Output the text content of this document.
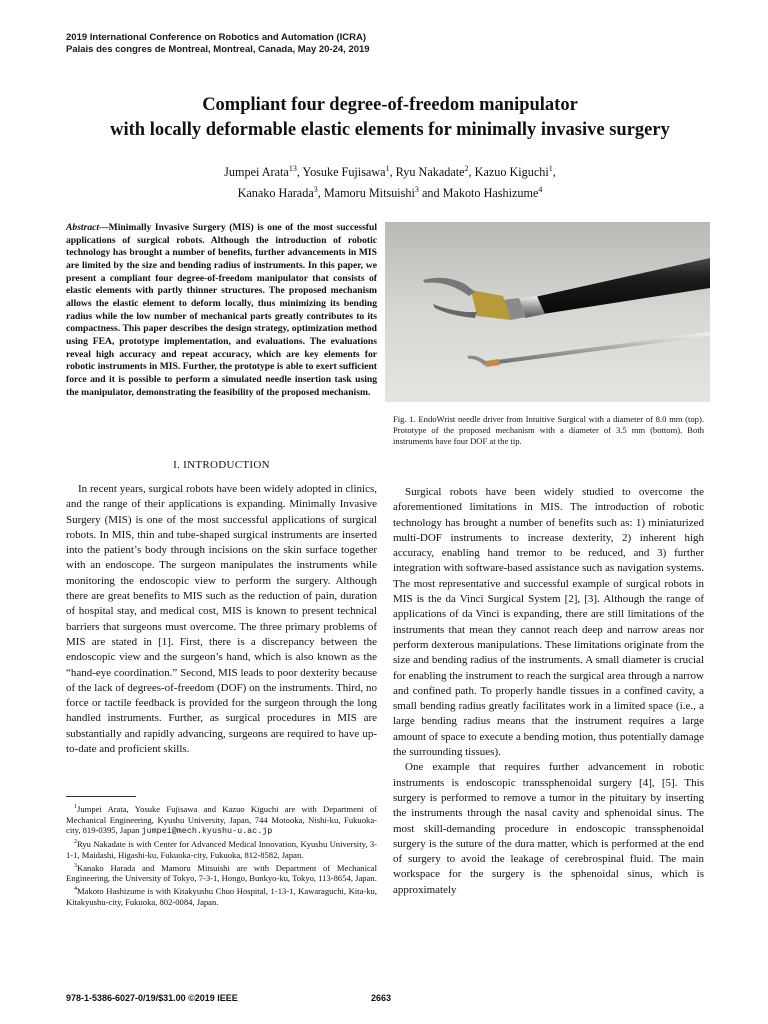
2019 International Conference on Robotics and Automation (ICRA)
Palais des congres de Montreal, Montreal, Canada, May 20-24, 2019
Compliant four degree-of-freedom manipulator
with locally deformable elastic elements for minimally invasive surgery
Jumpei Arata$^{13}$, Yosuke Fujisawa$^1$, Ryu Nakadate$^2$, Kazuo Kiguchi$^1$,
Kanako Harada$^3$, Mamoru Mitsuishi$^3$ and Makoto Hashizume$^4$
Abstract—Minimally Invasive Surgery (MIS) is one of the most successful applications of surgical robots. Although the introduction of robotic technology has brought a number of benefits, further advancements in MIS are limited by the size and bending radius of instruments. In this paper, we present a compliant four degree-of-freedom manipulator that consists of elastic elements with partly thinner structures. The proposed mechanism allows the elastic element to deform locally, thus minimizing its bending radius while the low number of mechanical parts greatly contributes to its compactness. This paper describes the design strategy, optimization method using FEA, prototype implementation, and evaluations. The evaluations reveal high accuracy and repeat accuracy, which are key elements for robotic instruments in MIS. Further, the prototype is able to exert sufficient force and it is possible to perform a simulated needle insertion task using the manipulator, demonstrating the feasibility of the proposed mechanism.
I. INTRODUCTION

In recent years, surgical robots have been widely adopted in clinics, and the range of their applications is expanding. Minimally Invasive Surgery (MIS) is one of the most successful applications of surgical robots. In MIS, thin and tube-shaped surgical instruments are inserted into the patient’s body through incisions on the skin surface together with an endoscope. The surgeon manipulates the instruments while monitoring the endoscopic view to perform the surgery. Although there are great benefits to MIS such as the reduction of pain, duration of hospital stay, and medical cost, MIS is known to present technical barriers that surgeons must overcome. The three primary problems of MIS are stated in [1]. First, there is a discrepancy between the endoscopic view and the surgeon’s hand, which is also known as the “hand-eye coordination.” Second, MIS leads to poor dexterity because of the lack of degrees-of-freedom (DOF) on the instruments. Third, no force or tactile feedback is provided for the surgeon through the long handled instruments. Further, as surgical procedures in MIS are substantially and rapidly advancing, surgeons are required to have up-to-date and proficient skills.

$^1$Jumpei Arata, Yosuke Fujisawa and Kazuo Kiguchi are with Department of Mechanical Engineering, Kyushu University, Japan, 744 Motooka, Nishi-ku, Fukuoka-city, 819-0395, Japan jumpei@mech.kyushu-u.ac.jp

$^2$Ryu Nakadate is with Center for Advanced Medical Innovation, Kyushu University, 3-1-1, Maidashi, Higashi-ku, Fukuoka-city, Fukuoka, 812-8582, Japan.

$^3$Kanako Harada and Mamoru Mitsuishi are with Department of Mechanical Engineering, the University of Tokyo, 7-3-1, Hongo, Bunkyo-ku, Tokyo, 113-8654, Japan.

$^4$Makoto Hashizume is with Kitakyushu Chuo Hospital, 1-13-1, Kawaraguchi, Kita-ku, Kitakyushu-city, Fukuoka, 802-0084, Japan.

Fig. 1. EndoWrist needle driver from Intuitive Surgical with a diameter of 8.0 mm (top). Prototype of the proposed mechanism with a diameter of 3.5 mm (bottom). Both instruments have four DOF at the tip.

Surgical robots have been widely studied to overcome the aforementioned limitations in MIS. The introduction of robotic technology has brought a number of benefits such as: 1) miniaturized multi-DOF instruments to increase dexterity, 2) inherent high accuracy, enabling hand tremor to be reduced, and 3) further integration with software-based assistance such as navigation systems. The most representative and successful example of surgical robots in MIS is the da Vinci Surgical System [2], [3]. Although the range of applications of da Vinci is expanding, there are still limitations of the instruments that mean they cannot reach deep and narrow areas nor perform dexterous manipulations. These limitations originate from the size and bending radius of the instruments. A small diameter is crucial for enabling the instrument to reach the surgical area through a narrow and confined path. To properly handle tissues in a confined cavity, a small bending radius greatly facilitates work in a limited space (i.e., a large bending radius means that the instrument requires a large amount of space to execute a bending motion, thus potentially damage the surrounding tissues).

One example that requires further advancement in robotic instruments is endoscopic transsphenoidal surgery [4], [5]. This surgery is performed to remove a tumor in the pituitary by inserting the instruments through the nasal cavity and sphenoidal sinus. The most skill-demanding procedure in endoscopic transsphenoidal surgery is the suture of the dura matter, which is performed at the end of surgery to avoid the leakage of cerebrospinal fluid. The main workspace for the surgery is the sphenoidal sinus, which is approximately

978-1-5386-6027-0/19/$31.00 ©2019 IEEE	2663
